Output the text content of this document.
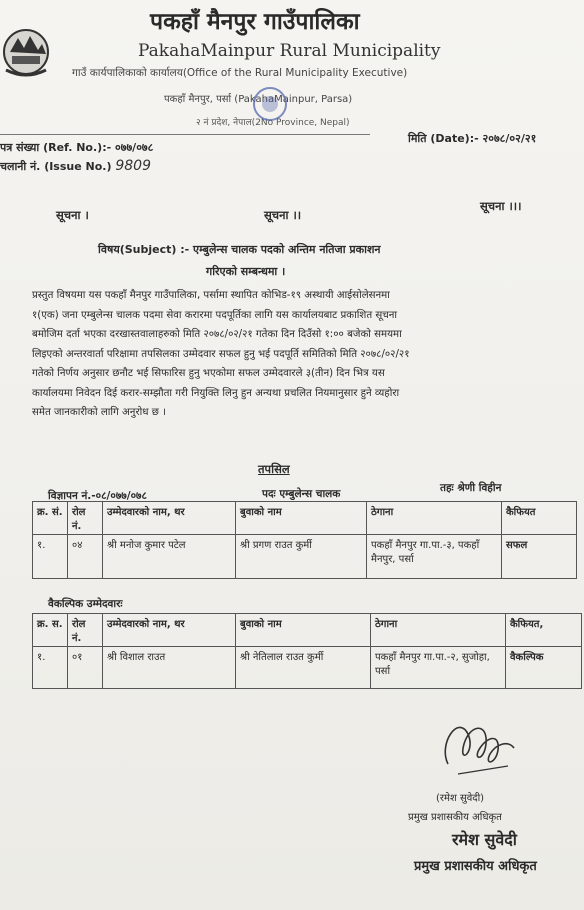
पकहाँ मैनपुर गाउँपालिका
PakahaMainpur Rural Municipality
गाउँ कार्यपालिकाको कार्यालय(Office of the Rural Municipality Executive)
पकहाँ मैनपुर, पर्सा (PakahaMainpur, Parsa)
२ नं प्रदेश, नेपाल(2No Province, Nepal)
पत्र संख्या (Ref. No.):- ०७७/०७८
चलानी नं. (Issue No.) 9809
मिति (Date):- २०७८/०२/२१
सूचना ।	सूचना ।।
सूचना ।।।
विषय(Subject) :- एम्बुलेन्स चालक पदको अन्तिम नतिजा प्रकाशन
गरिएको सम्बन्धमा ।
प्रस्तुत विषयमा यस पकहाँ मैनपुर गाउँपालिका, पर्सामा स्थापित कोभिड-१९ अस्थायी आईसोलेसनमा
१(एक) जना एम्बुलेन्स चालक पदमा सेवा करारमा पदपूर्तिका लागि यस कार्यालयबाट प्रकाशित सूचना
बमोजिम दर्ता भएका दरखास्तवालाहरुको मिति २०७८/०२/२१ गतेका दिन दिउँसो १:०० बजेको समयमा
लिइएको अन्तरवार्ता परिक्षामा तपसिलका उम्मेदवार सफल हुनु भई पदपूर्ति समितिको मिति २०७८/०२/२१
गतेको निर्णय अनुसार छनौट भई सिफारिस हुनु भएकोमा सफल उम्मेदवारले ३(तीन) दिन भित्र यस
कार्यालयमा निवेदन दिई करार-सम्झौता गरी नियुक्ति लिनु हुन अन्यथा प्रचलित नियमानुसार हुने व्यहोरा
समेत जानकारीको लागि अनुरोध छ ।
तपसिल
विज्ञापन नं.-०८/०७७/०७८	पदः एम्बुलेन्स चालक	तहः श्रेणी विहीन
क्र. सं.	रोल नं.	उम्मेदवारको नाम, थर	बुवाको नाम	ठेगाना	कैफियत
१.	०४	श्री मनोज कुमार पटेल	श्री प्रगण राउत कुर्मी	पकहाँ मैनपुर गा.पा.-३, पकहाँ मैनपुर, पर्सा	सफल
वैकल्पिक उम्मेदवारः
क्र. स.	रोल नं.	उम्मेदवारको नाम, थर	बुवाको नाम	ठेगाना	कैफियत,
१.	०१	श्री विशाल राउत	श्री नेतिलाल राउत कुर्मी	पकहाँ मैनपुर गा.पा.-२, सुजोहा, पर्सा	वैकल्पिक
(रमेश सुवेदी)
प्रमुख प्रशासकीय अधिकृत
रमेश सुवेदी
प्रमुख प्रशासकीय अधिकृत
